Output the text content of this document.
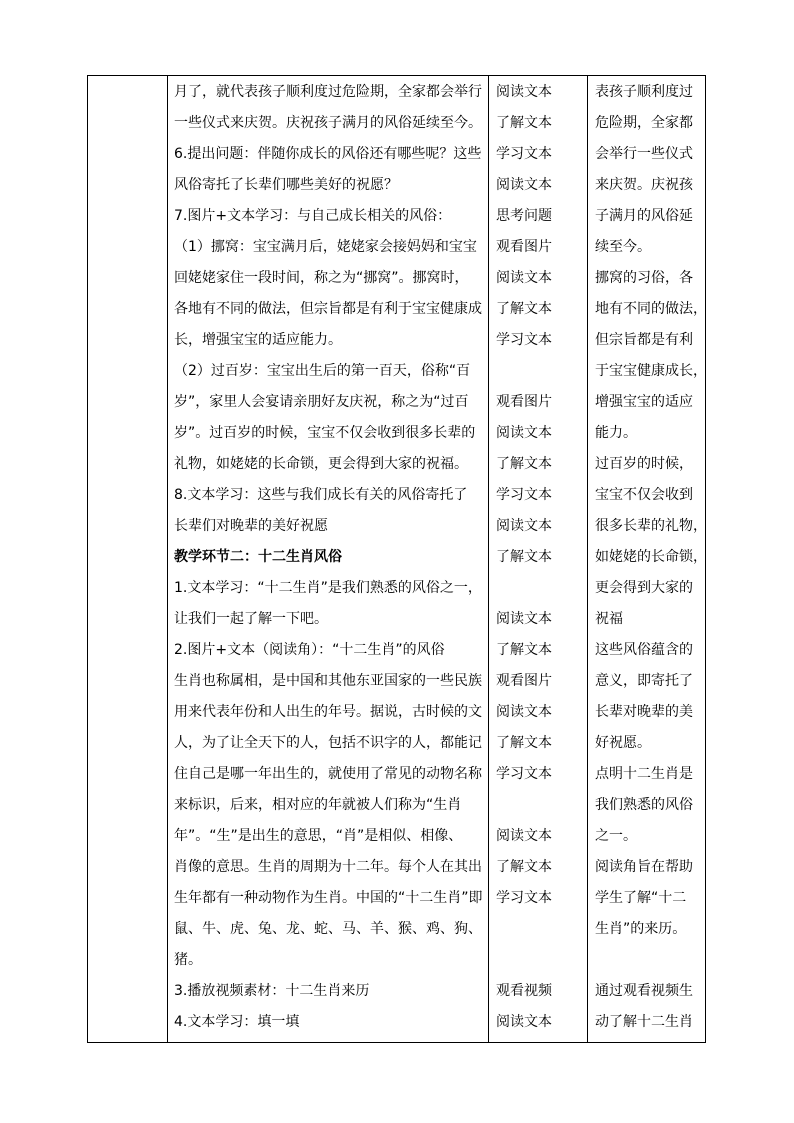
月了，就代表孩子顺利度过危险期，全家都会举行
一些仪式来庆贺。庆祝孩子满月的风俗延续至今。
6.提出问题：伴随你成长的风俗还有哪些呢？这些
风俗寄托了长辈们哪些美好的祝愿？
7.图片+文本学习：与自己成长相关的风俗：
（1）挪窝：宝宝满月后，姥姥家会接妈妈和宝宝
回姥姥家住一段时间，称之为“挪窝”。挪窝时，
各地有不同的做法，但宗旨都是有利于宝宝健康成
长，增强宝宝的适应能力。
（2）过百岁：宝宝出生后的第一百天，俗称“百
岁”，家里人会宴请亲朋好友庆祝，称之为“过百
岁”。过百岁的时候，宝宝不仅会收到很多长辈的
礼物，如姥姥的长命锁，更会得到大家的祝福。
8.文本学习：这些与我们成长有关的风俗寄托了
长辈们对晚辈的美好祝愿
教学环节二：十二生肖风俗
1.文本学习：“十二生肖”是我们熟悉的风俗之一，
让我们一起了解一下吧。
2.图片+文本（阅读角）：“十二生肖”的风俗
生肖也称属相，是中国和其他东亚国家的一些民族
用来代表年份和人出生的年号。据说，古时候的文
人，为了让全天下的人，包括不识字的人，都能记
住自己是哪一年出生的，就使用了常见的动物名称
来标识，后来，相对应的年就被人们称为“生肖
年”。“生”是出生的意思，“肖”是相似、相像、
肖像的意思。生肖的周期为十二年。每个人在其出
生年都有一种动物作为生肖。中国的“十二生肖”即
鼠、牛、虎、兔、龙、蛇、马、羊、猴、鸡、狗、
猪。
3.播放视频素材：十二生肖来历
4.文本学习：填一填
阅读文本
了解文本
学习文本
阅读文本
思考问题
观看图片
阅读文本
了解文本
学习文本
观看图片
阅读文本
了解文本
学习文本
阅读文本
了解文本
阅读文本
了解文本
观看图片
阅读文本
了解文本
学习文本
阅读文本
了解文本
学习文本
观看视频
阅读文本
表孩子顺利度过
危险期，全家都
会举行一些仪式
来庆贺。庆祝孩
子满月的风俗延
续至今。
挪窝的习俗，各
地有不同的做法，
但宗旨都是有利
于宝宝健康成长，
增强宝宝的适应
能力。
过百岁的时候，
宝宝不仅会收到
很多长辈的礼物，
如姥姥的长命锁，
更会得到大家的
祝福
这些风俗蕴含的
意义，即寄托了
长辈对晚辈的美
好祝愿。
点明十二生肖是
我们熟悉的风俗
之一。
阅读角旨在帮助
学生了解“十二
生肖”的来历。
通过观看视频生
动了解十二生肖
